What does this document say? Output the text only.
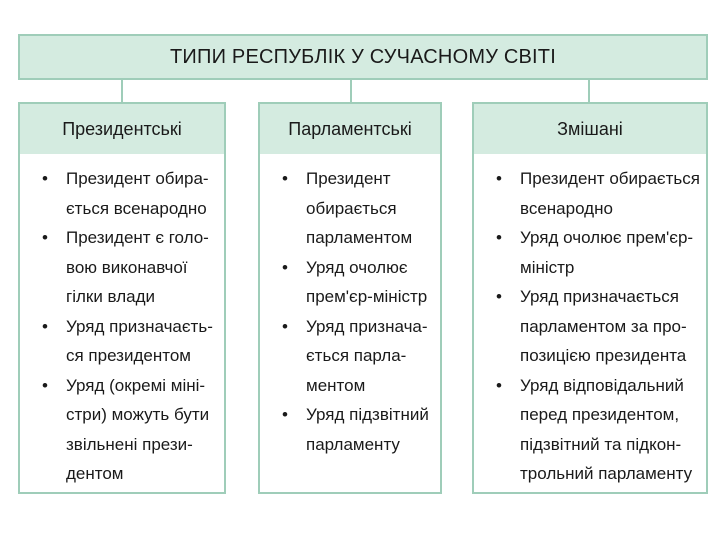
ТИПИ РЕСПУБЛІК У СУЧАСНОМУ СВІТІ
Президентські
• Президент обира-
ється всенародно
• Президент є голо-
вою виконавчої
гілки влади
• Уряд призначаєть-
ся президентом
• Уряд (окремі міні-
стри) можуть бути
звільнені прези-
дентом
Парламентські
• Президент
обирається
парламентом
• Уряд очолює
прем'єр-міністр
• Уряд признача-
ється парла-
ментом
• Уряд підзвітний
парламенту
Змішані
• Президент обирається
всенародно
• Уряд очолює прем'єр-
міністр
• Уряд призначається
парламентом за про-
позицією президента
• Уряд відповідальний
перед президентом,
підзвітний та підкон-
трольний парламенту
